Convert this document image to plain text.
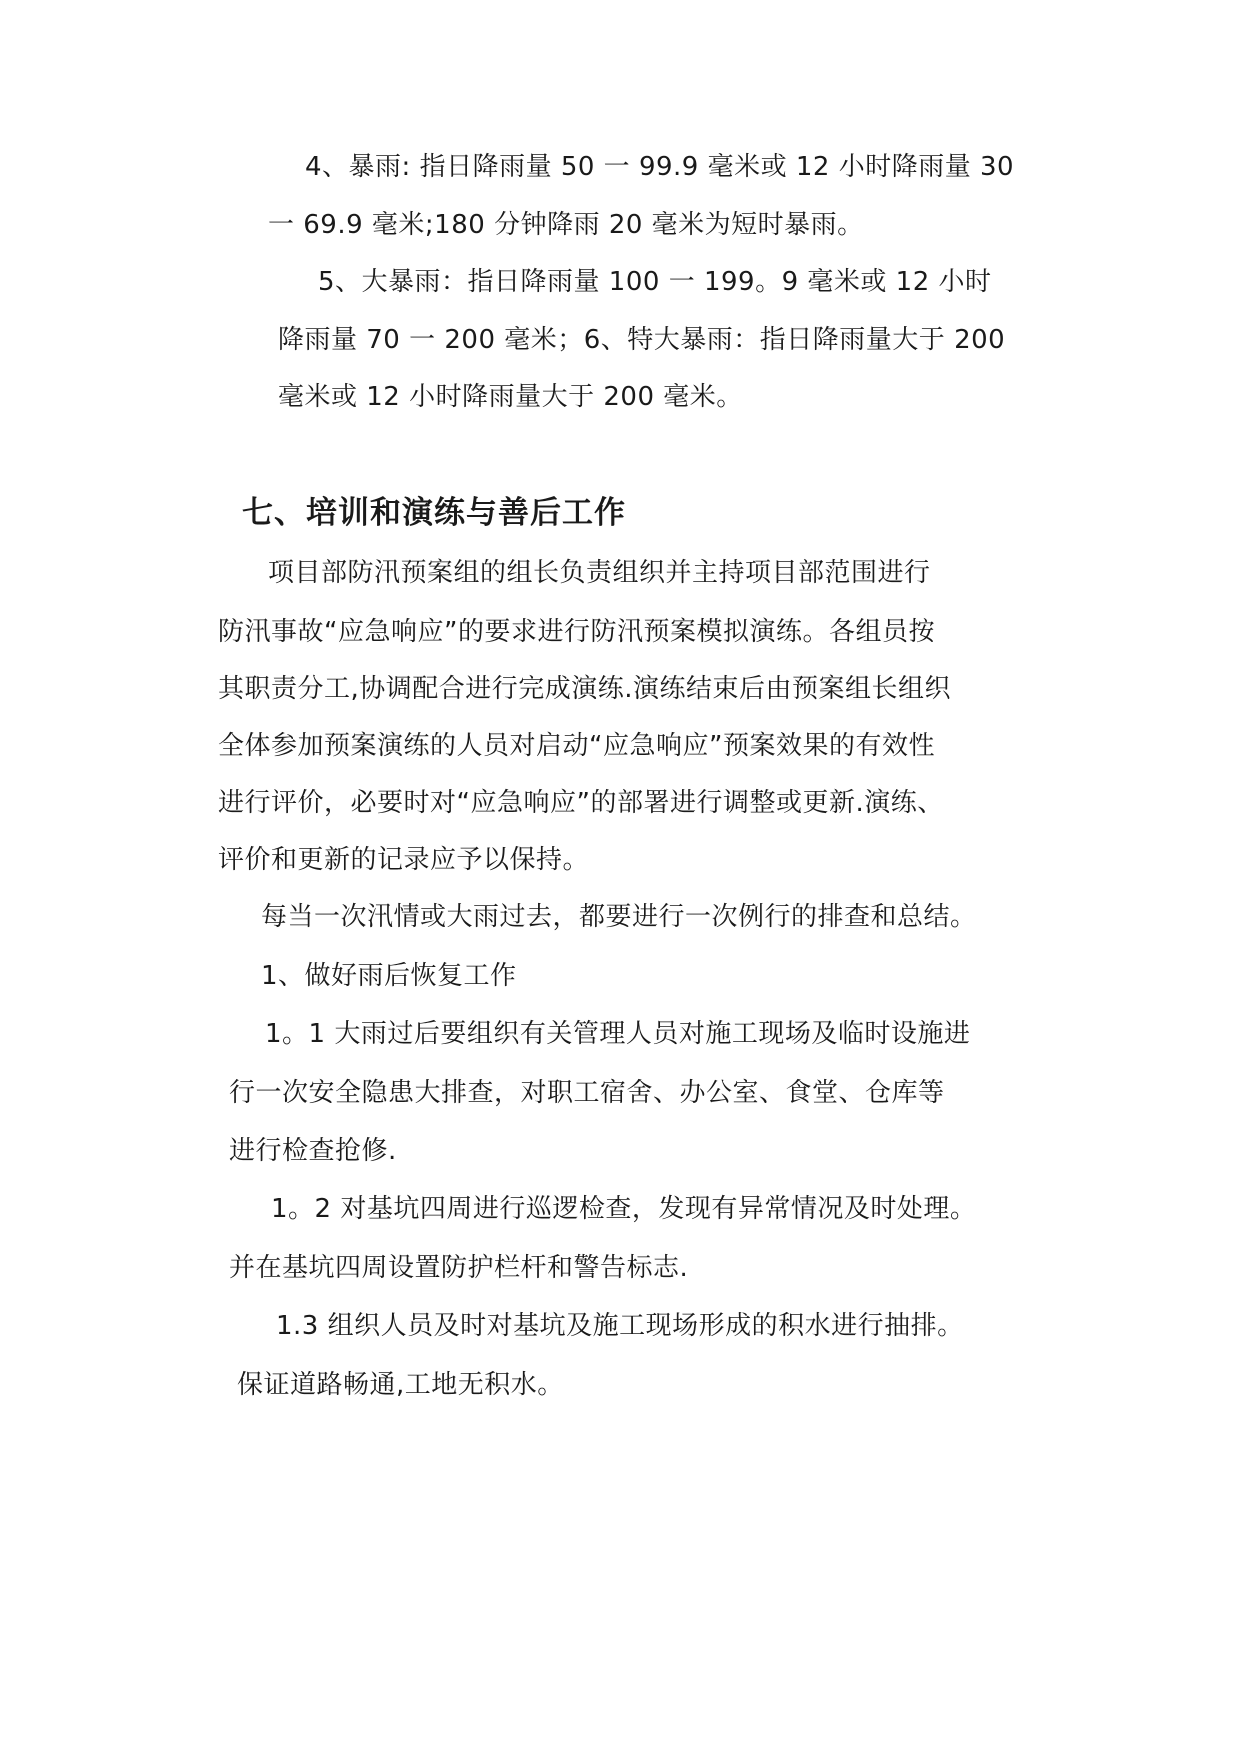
4、暴雨: 指日降雨量 50 一 99.9 毫米或 12 小时降雨量 30
一 69.9 毫米;180 分钟降雨 20 毫米为短时暴雨。
5、大暴雨：指日降雨量 100 一 199。9 毫米或 12 小时
降雨量 70 一 200 毫米；6、特大暴雨：指日降雨量大于 200
毫米或 12 小时降雨量大于 200 毫米。
七、培训和演练与善后工作
项目部防汛预案组的组长负责组织并主持项目部范围进行
防汛事故“应急响应”的要求进行防汛预案模拟演练。各组员按
其职责分工,协调配合进行完成演练.演练结束后由预案组长组织
全体参加预案演练的人员对启动“应急响应”预案效果的有效性
进行评价，必要时对“应急响应”的部署进行调整或更新.演练、
评价和更新的记录应予以保持。
每当一次汛情或大雨过去，都要进行一次例行的排查和总结。
1、做好雨后恢复工作
1。1 大雨过后要组织有关管理人员对施工现场及临时设施进
行一次安全隐患大排查，对职工宿舍、办公室、食堂、仓库等
进行检查抢修.
1。2 对基坑四周进行巡逻检查，发现有异常情况及时处理。
并在基坑四周设置防护栏杆和警告标志.
1.3 组织人员及时对基坑及施工现场形成的积水进行抽排。
保证道路畅通,工地无积水。
